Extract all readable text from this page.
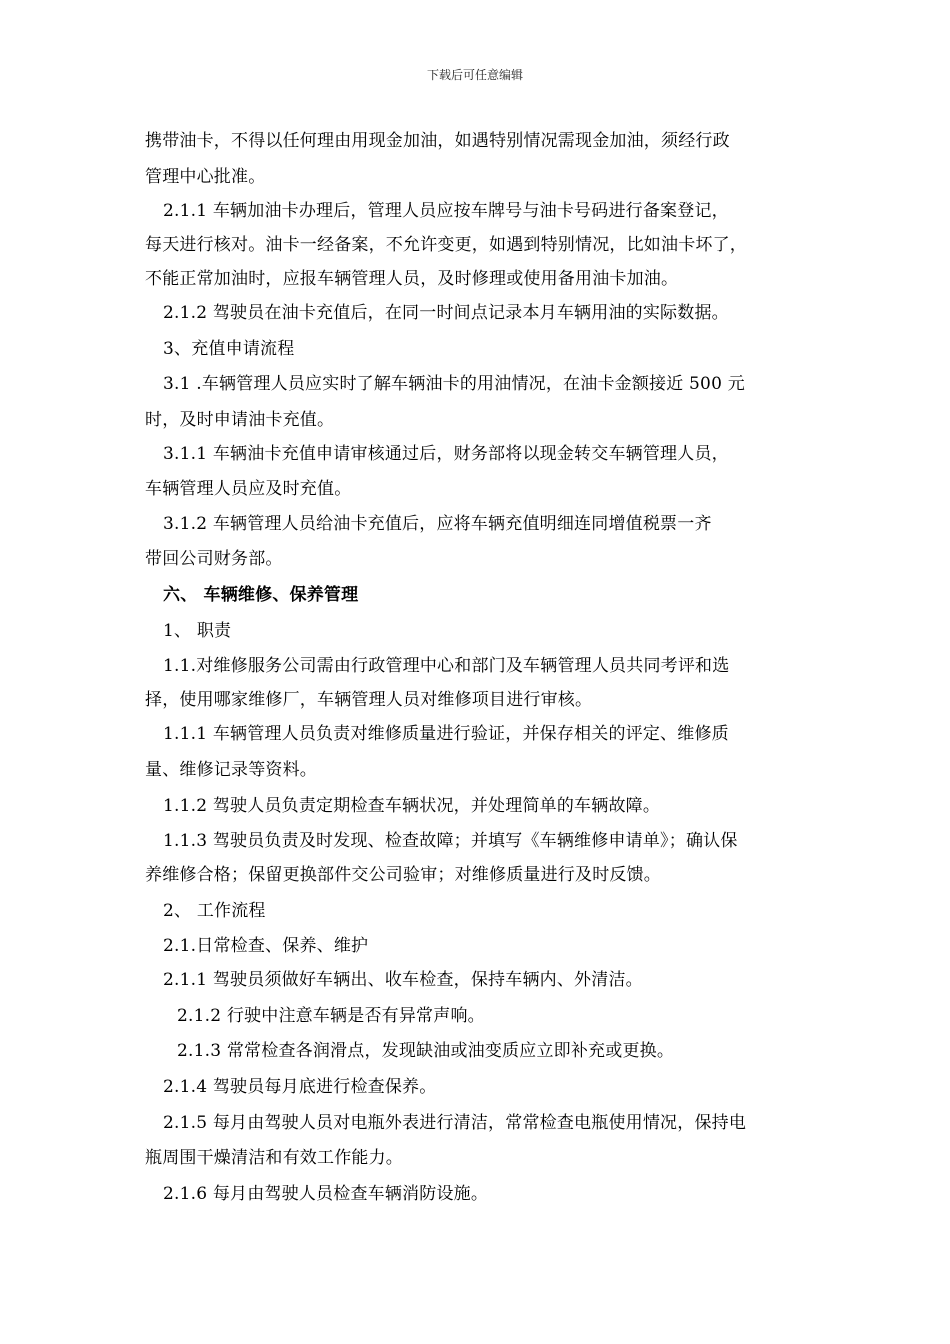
下载后可任意编辑
携带油卡，不得以任何理由用现金加油，如遇特别情况需现金加油，须经行政
管理中心批准。
2.1.1 车辆加油卡办理后，管理人员应按车牌号与油卡号码进行备案登记，
每天进行核对。油卡一经备案，不允许变更，如遇到特别情况，比如油卡坏了，
不能正常加油时，应报车辆管理人员，及时修理或使用备用油卡加油。
2.1.2 驾驶员在油卡充值后，在同一时间点记录本月车辆用油的实际数据。
3、充值申请流程
3.1 .车辆管理人员应实时了解车辆油卡的用油情况，在油卡金额接近 500 元
时，及时申请油卡充值。
3.1.1 车辆油卡充值申请审核通过后，财务部将以现金转交车辆管理人员，
车辆管理人员应及时充值。
3.1.2 车辆管理人员给油卡充值后，应将车辆充值明细连同增值税票一齐
带回公司财务部。
六、 车辆维修、保养管理
1、 职责
1.1.对维修服务公司需由行政管理中心和部门及车辆管理人员共同考评和选
择，使用哪家维修厂，车辆管理人员对维修项目进行审核。
1.1.1 车辆管理人员负责对维修质量进行验证，并保存相关的评定、维修质
量、维修记录等资料。
1.1.2 驾驶人员负责定期检查车辆状况，并处理简单的车辆故障。
1.1.3 驾驶员负责及时发现、检查故障；并填写《车辆维修申请单》；确认保
养维修合格；保留更换部件交公司验审；对维修质量进行及时反馈。
2、 工作流程
2.1.日常检查、保养、维护
2.1.1 驾驶员须做好车辆出、收车检查，保持车辆内、外清洁。
2.1.2 行驶中注意车辆是否有异常声响。
2.1.3 常常检查各润滑点，发现缺油或油变质应立即补充或更换。
2.1.4 驾驶员每月底进行检查保养。
2.1.5 每月由驾驶人员对电瓶外表进行清洁，常常检查电瓶使用情况，保持电
瓶周围干燥清洁和有效工作能力。
2.1.6 每月由驾驶人员检查车辆消防设施。
